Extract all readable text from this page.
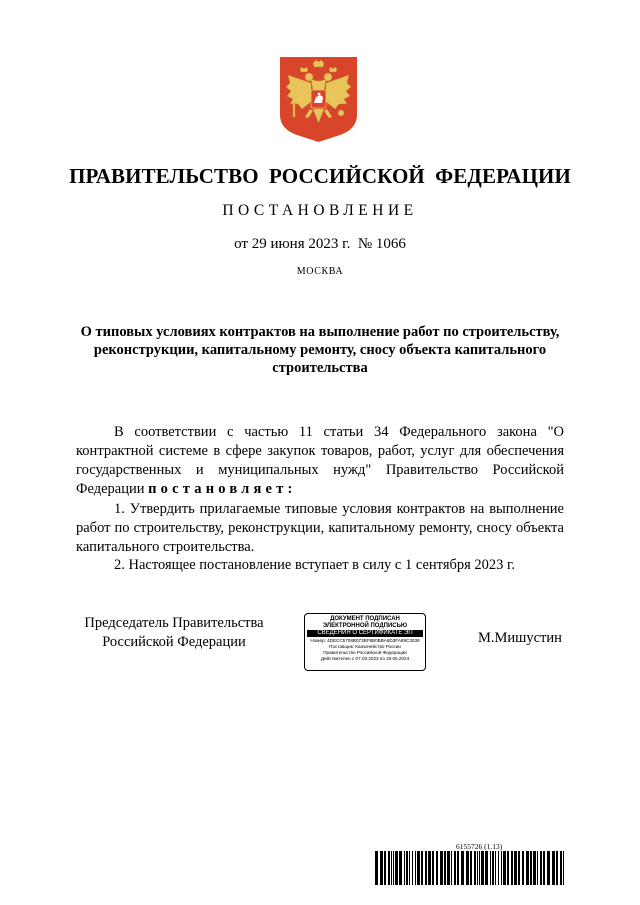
ПРАВИТЕЛЬСТВО РОССИЙСКОЙ ФЕДЕРАЦИИ
ПОСТАНОВЛЕНИЕ
от 29 июня 2023 г. № 1066
МОСКВА
О типовых условиях контрактов на выполнение работ по строительству, реконструкции, капитальному ремонту, сносу объекта капитального строительства
В соответствии с частью 11 статьи 34 Федерального закона "О контрактной системе в сфере закупок товаров, работ, услуг для обеспечения государственных и муниципальных нужд" Правительство Российской Федерации постановляет:
1. Утвердить прилагаемые типовые условия контрактов на выполнение работ по строительству, реконструкции, капитальному ремонту, сносу объекта капитального строительства.
2. Настоящее постановление вступает в силу с 1 сентября 2023 г.
Председатель Правительства
Российской Федерации
ДОКУМЕНТ ПОДПИСАН
ЭЛЕКТРОННОЙ ПОДПИСЬЮ
СВЕДЕНИЯ О СЕРТИФИКАТЕ ЭП
Номер: 4DECC5708B073BF8B0BBA6D3FA89C3038
Поставщик: Казначейство России
Правительство Российской Федерации
Действителен с 07.03.2023 по 30.05.2024
М.Мишустин
6155726 (1.13)
